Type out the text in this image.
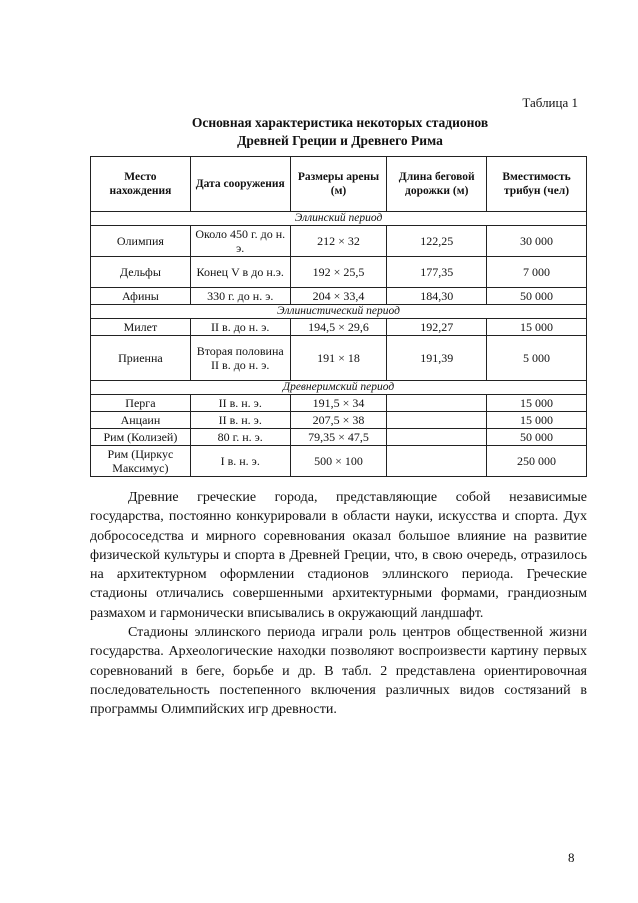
Таблица 1
Основная характеристика некоторых стадионов
Древней Греции и Древнего Рима
Место нахождения	Дата сооружения	Размеры арены (м)	Длина беговой дорожки (м)	Вместимость трибун (чел)
Эллинский период				
Олимпия	Около 450 г. до н. э.	212 × 32	122,25	30 000
Дельфы	Конец V в до н.э.	192 × 25,5	177,35	7 000
Афины	330 г. до н. э.	204 × 33,4	184,30	50 000
Эллинистический период				
Милет	II в. до н. э.	194,5 × 29,6	192,27	15 000
Приенна	Вторая половина II в. до н. э.	191 × 18	191,39	5 000
Древнеримский период				
Перга	II в. н. э.	191,5 × 34		15 000
Анцаин	II в. н. э.	207,5 × 38		15 000
Рим (Колизей)	80 г. н. э.	79,35 × 47,5		50 000
Рим (Циркус Максимус)	I в. н. э.	500 × 100		250 000

Древние греческие города, представляющие собой независимые государства, постоянно конкурировали в области науки, искусства и спорта. Дух добрососедства и мирного соревнования оказал большое влияние на развитие физической культуры и спорта в Древней Греции, что, в свою очередь, отразилось на архитектурном оформлении стадионов эллинского периода. Греческие стадионы отличались совершенными архитектурными формами, грандиозным размахом и гармонически вписывались в окружающий ландшафт.

Стадионы эллинского периода играли роль центров общественной жизни государства. Археологические находки позволяют воспроизвести картину первых соревнований в беге, борьбе и др. В табл. 2 представлена ориентировочная последовательность постепенного включения различных видов состязаний в программы Олимпийских игр древности.

8
